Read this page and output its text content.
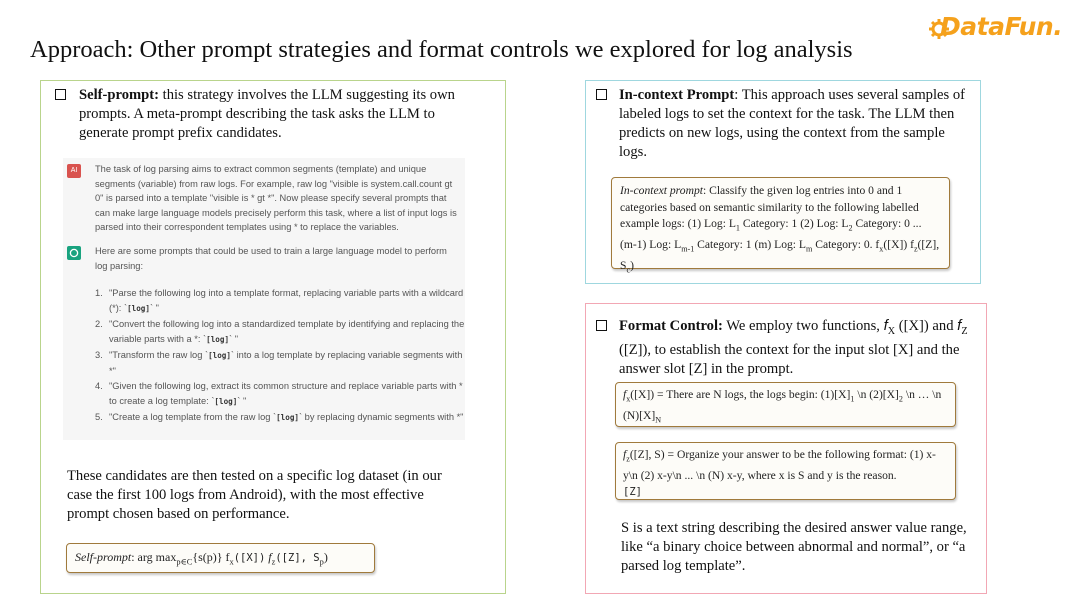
Approach: Other prompt strategies and format controls we explored for log analysis
DataFun.
Self-prompt: this strategy involves the LLM suggesting its own prompts. A meta-prompt describing the task asks the LLM to generate prompt prefix candidates.
AI	The task of log parsing aims to extract common segments (template) and unique segments (variable) from raw logs. For example, raw log "visible is system.call.count gt 0" is parsed into a template "visible is * gt *". Now please specify several prompts that can make large language models precisely perform this task, where a list of input logs is parsed into their correspondent templates using * to replace the variables.
Here are some prompts that could be used to train a large language model to perform log parsing:
1. "Parse the following log into a template format, replacing variable parts with a wildcard (*): `[log]` "
2. "Convert the following log into a standardized template by identifying and replacing the variable parts with a *: `[log]` "
3. "Transform the raw log `[log]` into a log template by replacing variable segments with *"
4. "Given the following log, extract its common structure and replace variable parts with * to create a log template: `[log]` "
5. "Create a log template from the raw log `[log]` by replacing dynamic segments with *"
These candidates are then tested on a specific log dataset (in our case the first 100 logs from Android), with the most effective prompt chosen based on performance.
Self-prompt: arg $\max_{p\in C}\{s(p)\}$ $f_x([X])$ $f_z([Z]$, $S_p$)
In-context Prompt: This approach uses several samples of labeled logs to set the context for the task. The LLM then predicts on new logs, using the context from the sample logs.
In-context prompt: Classify the given log entries into 0 and 1 categories based on semantic similarity to the following labelled example logs: (1) Log: $L_1$ Category: 1 (2) Log: $L_2$ Category: 0 ... (m-1) Log: $L_{m-1}$ Category: 1 (m) Log: $L_m$ Category: 0. $f_x([X])$ $f_z([Z]$, $S_c$)
Format Control: We employ two functions, $f_X$ ([X]) and $f_Z$ ([Z]), to establish the context for the input slot [X] and the answer slot [Z] in the prompt.
$f_x([X])$ = There are N logs, the logs begin: $(1)[X]_1$ \n $(2)[X]_2$ \n … \n $(N)[X]_N$
$f_z([Z]$, S) = Organize your answer to be the following format: (1) x-y\n (2) x-y\n ... \n (N) x-y, where x is S and y is the reason.
[Z]
S is a text string describing the desired answer value range, like “a binary choice between abnormal and normal”, or “a parsed log template”.
